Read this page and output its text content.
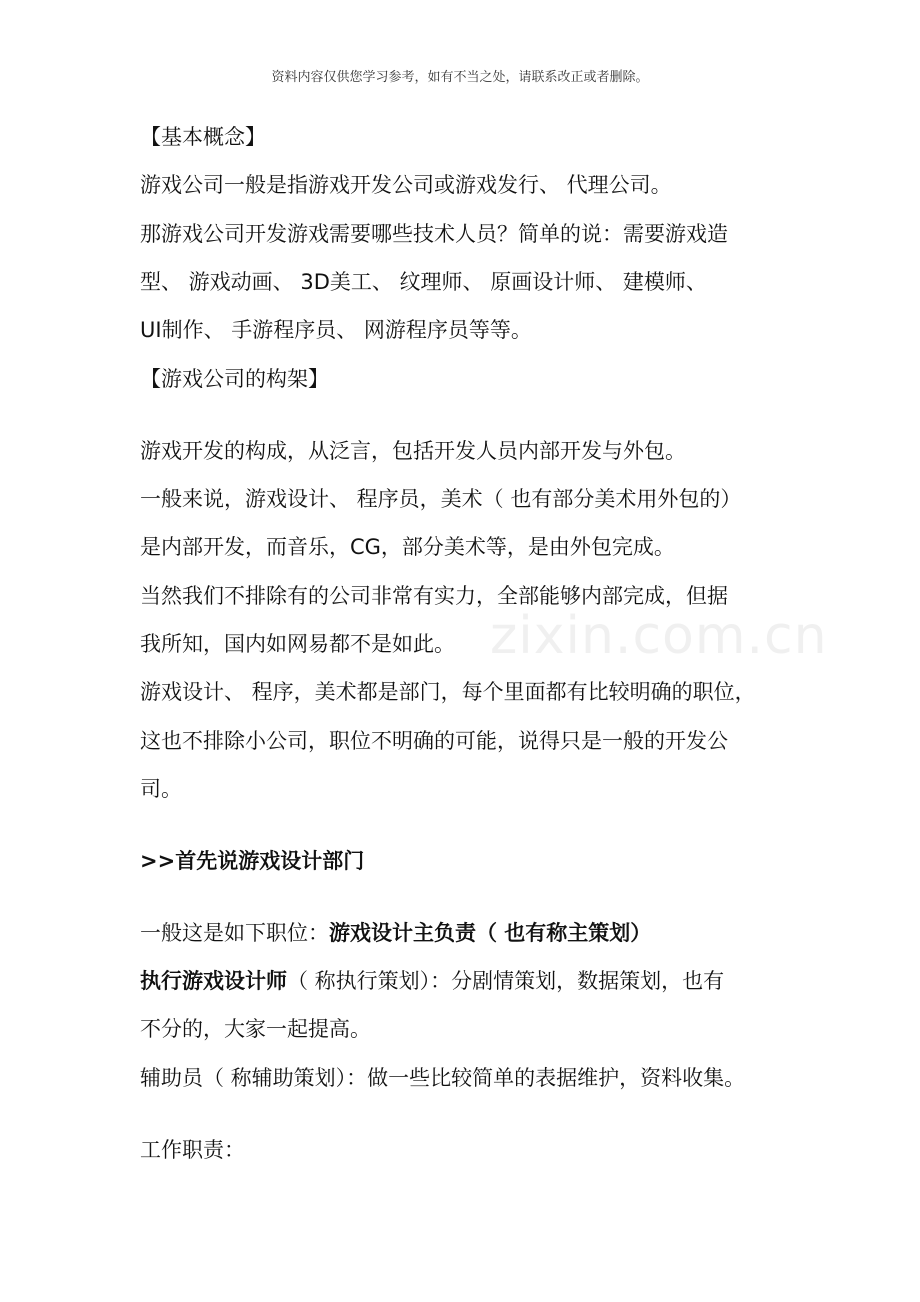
资料内容仅供您学习参考，如有不当之处，请联系改正或者删除。
zixin.com.cn
【基本概念】
游戏公司一般是指游戏开发公司或游戏发行、 代理公司。
那游戏公司开发游戏需要哪些技术人员？简单的说：需要游戏造
型、 游戏动画、 3D美工、 纹理师、 原画设计师、 建模师、
UI制作、 手游程序员、 网游程序员等等。
【游戏公司的构架】
游戏开发的构成，从泛言，包括开发人员内部开发与外包。
一般来说，游戏设计、 程序员，美术（ 也有部分美术用外包的）
是内部开发，而音乐，CG，部分美术等，是由外包完成。
当然我们不排除有的公司非常有实力，全部能够内部完成，但据
我所知，国内如网易都不是如此。
游戏设计、 程序，美术都是部门，每个里面都有比较明确的职位，
这也不排除小公司，职位不明确的可能，说得只是一般的开发公
司。
>>首先说游戏设计部门
一般这是如下职位：游戏设计主负责（ 也有称主策划）
执行游戏设计师（ 称执行策划）：分剧情策划，数据策划，也有
不分的，大家一起提高。
辅助员（ 称辅助策划）：做一些比较简单的表据维护，资料收集。
工作职责：
